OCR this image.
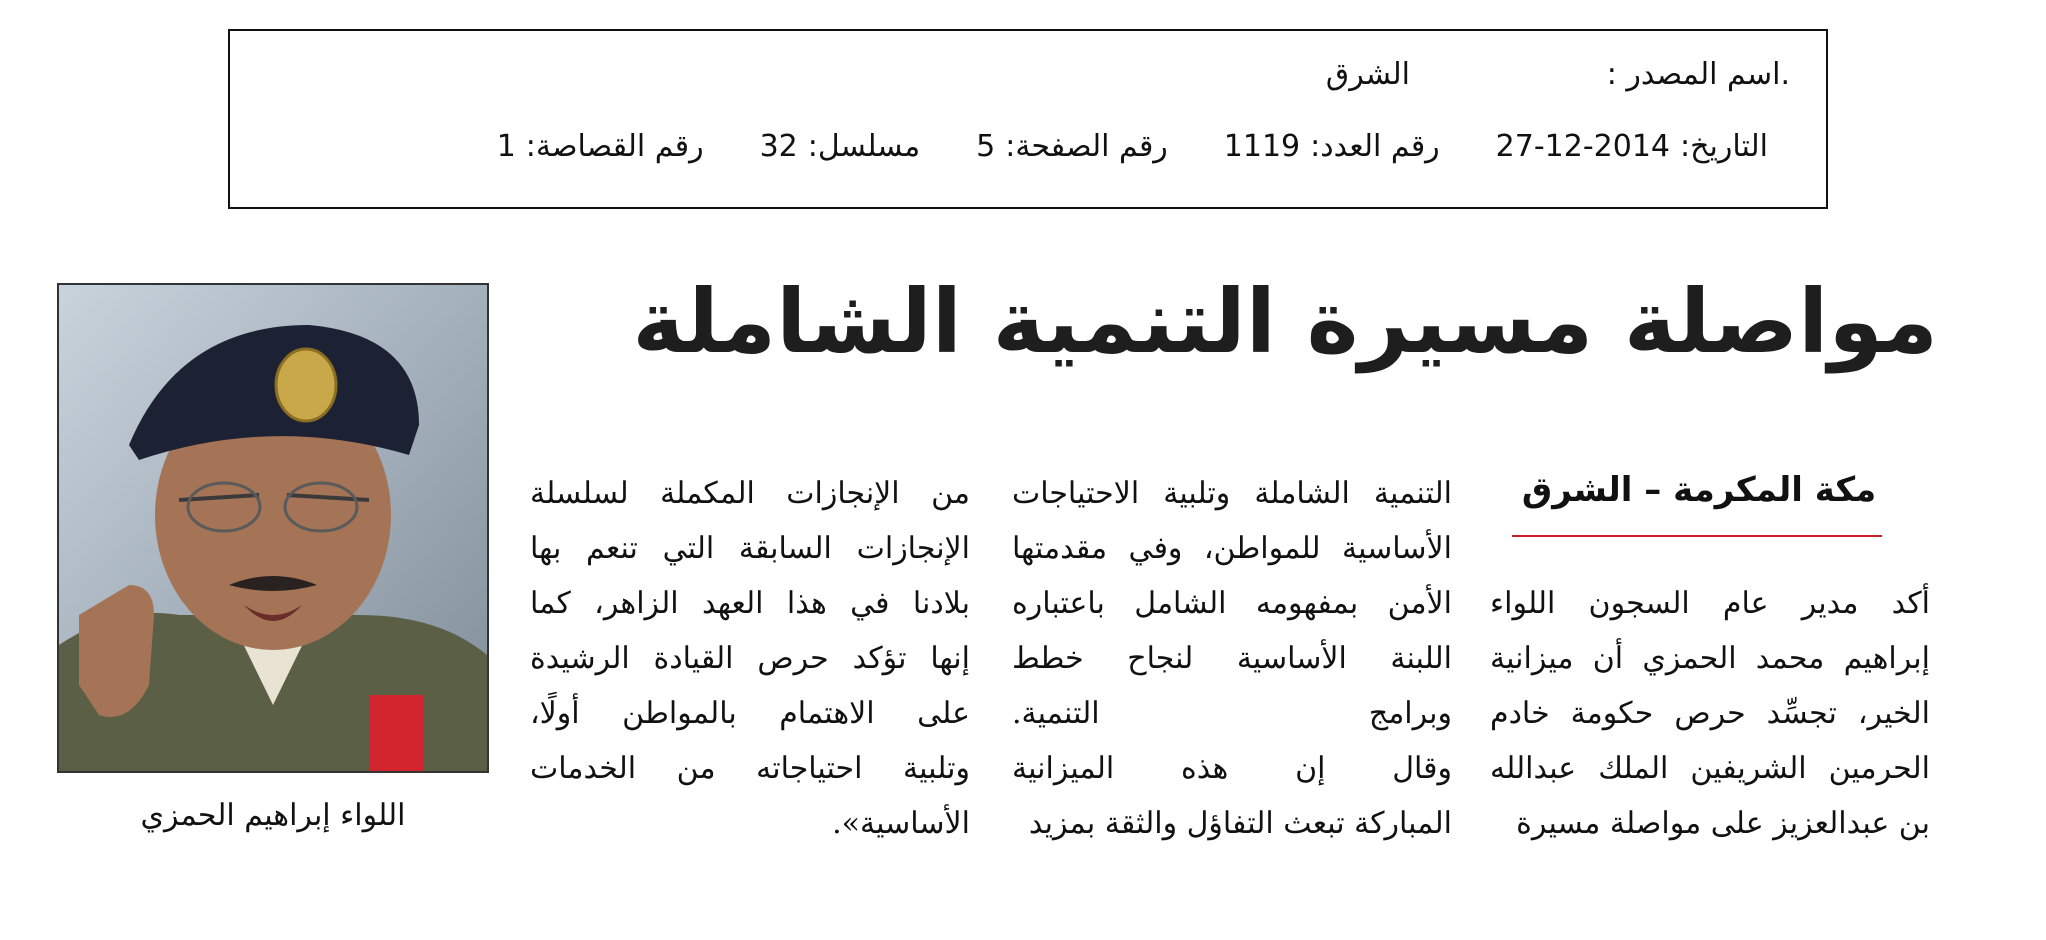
.اسم المصدر :
الشرق
التاريخ:
27-12-2014
رقم العدد:
1119
رقم الصفحة:
5
مسلسل:
32
رقم القصاصة:
1
مواصلة مسيرة التنمية الشاملة
مكة المكرمة – الشرق
أكد مدير عام السجون اللواء
إبراهيم محمد الحمزي أن ميزانية
الخير، تجسِّد حرص حكومة خادم
الحرمين الشريفين الملك عبدالله
بن عبدالعزيز على مواصلة مسيرة
التنمية الشاملة وتلبية الاحتياجات
الأساسية للمواطن، وفي مقدمتها
الأمن بمفهومه الشامل باعتباره
اللبنة الأساسية لنجاح خطط
وبرامج التنمية.
وقال إن هذه الميزانية
المباركة تبعث التفاؤل والثقة بمزيد
من الإنجازات المكملة لسلسلة
الإنجازات السابقة التي تنعم بها
بلادنا في هذا العهد الزاهر، كما
إنها تؤكد حرص القيادة الرشيدة
على الاهتمام بالمواطن أولًا،
وتلبية احتياجاته من الخدمات
الأساسية».
اللواء إبراهيم الحمزي
